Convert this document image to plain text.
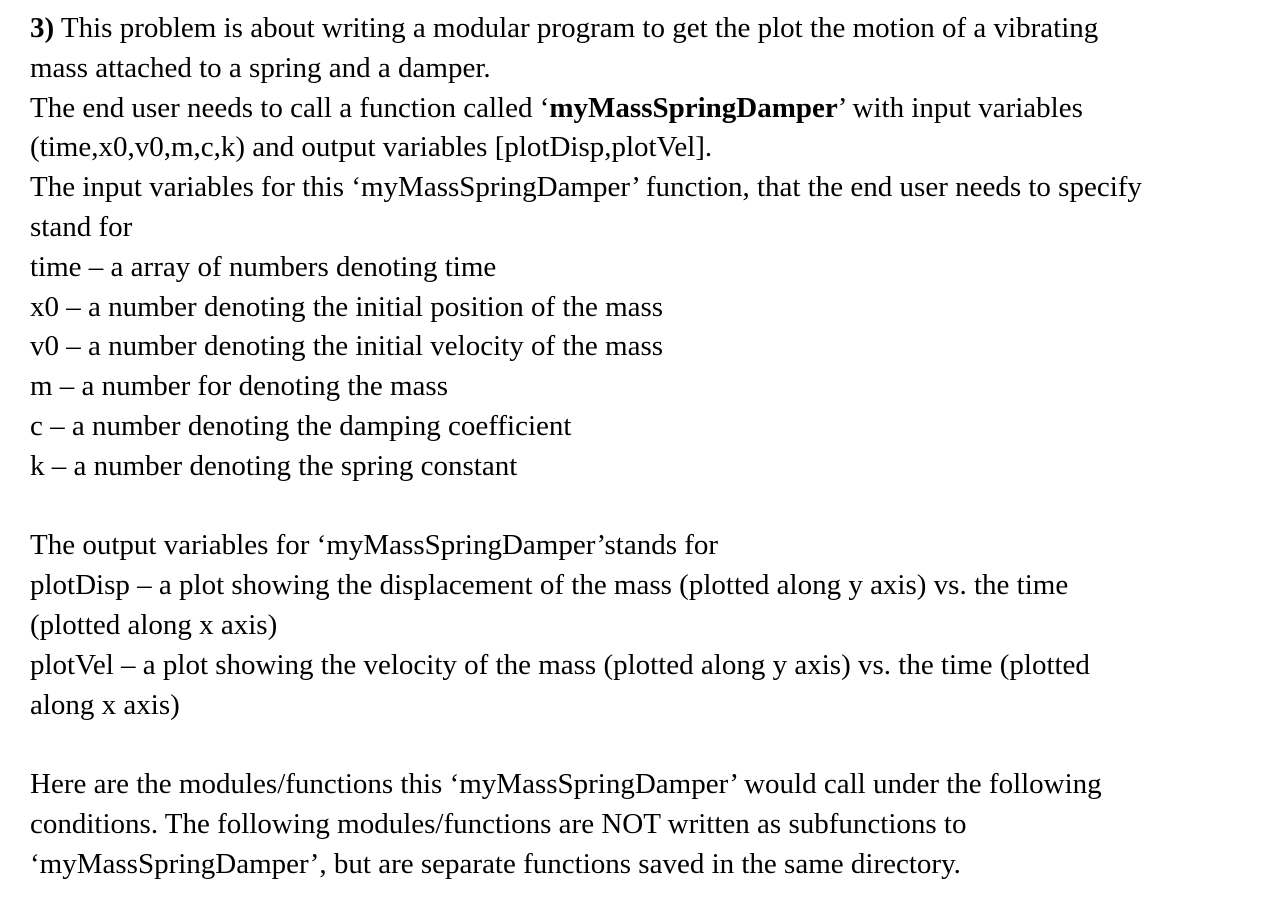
3) This problem is about writing a modular program to get the plot the motion of a vibrating
mass attached to a spring and a damper.
The end user needs to call a function called ‘myMassSpringDamper’ with input variables
(time,x0,v0,m,c,k) and output variables [plotDisp,plotVel].
The input variables for this ‘myMassSpringDamper’ function, that the end user needs to specify
stand for
time – a array of numbers denoting time
x0 – a number denoting the initial position of the mass
v0 – a number denoting the initial velocity of the mass
m – a number for denoting the mass
c – a number denoting the damping coefficient
k – a number denoting the spring constant
The output variables for ‘myMassSpringDamper’stands for
plotDisp – a plot showing the displacement of the mass (plotted along y axis) vs. the time
(plotted along x axis)
plotVel – a plot showing the velocity of the mass (plotted along y axis) vs. the time (plotted
along x axis)
Here are the modules/functions this ‘myMassSpringDamper’ would call under the following
conditions. The following modules/functions are NOT written as subfunctions to
‘myMassSpringDamper’, but are separate functions saved in the same directory.
